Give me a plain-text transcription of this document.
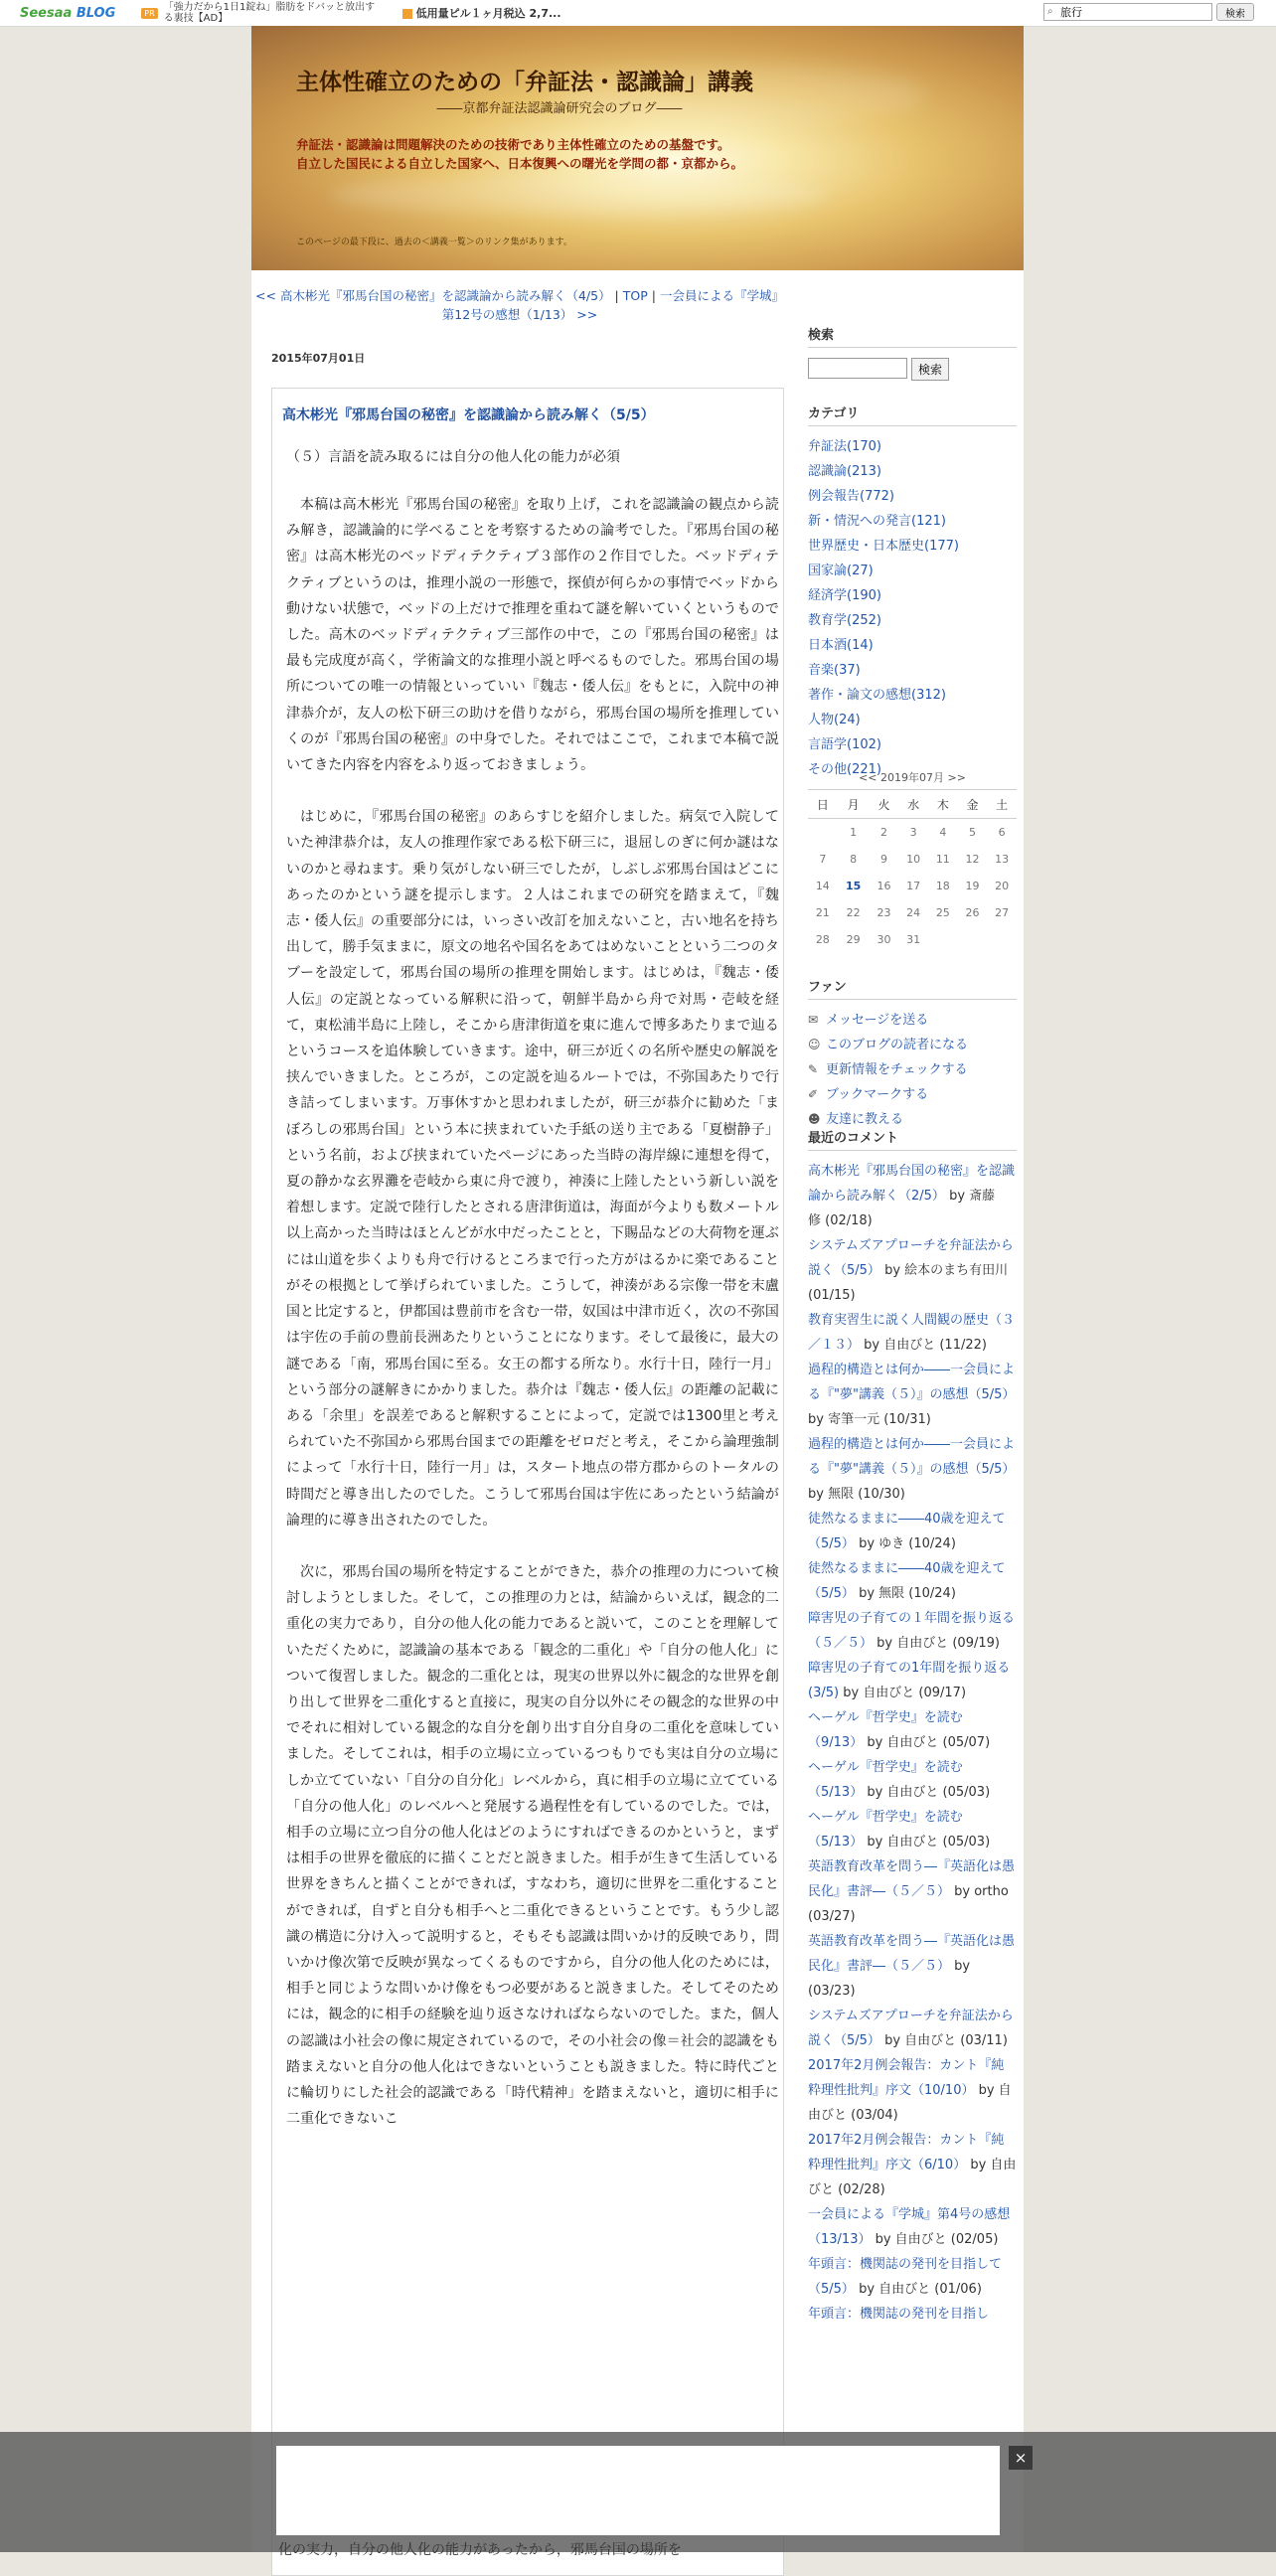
Seesaa BLOG	PR 「強力だから1日1錠ね」脂肪をドバッと放出する裏技【AD】	低用量ピル１ヶ月税込 2,7...	⌕
旅行	検索
主体性確立のための「弁証法・認識論」講義
――京都弁証法認識論研究会のブログ――
弁証法・認識論は問題解決のための技術であり主体性確立のための基盤です。
自立した国民による自立した国家へ、日本復興への曙光を学問の都・京都から。
このページの最下段に、過去の＜講義一覧＞のリンク集があります。
<< 高木彬光『邪馬台国の秘密』を認識論から読み解く（4/5） | TOP | 一会員による『学城』第12号の感想（1/13） >>
2015年07月01日
高木彬光『邪馬台国の秘密』を認識論から読み解く（5/5）
（５）言語を読み取るには自分の他人化の能力が必須

本稿は高木彬光『邪馬台国の秘密』を取り上げ，これを認識論の観点から読み解き，認識論的に学べることを考察するための論考でした。『邪馬台国の秘密』は高木彬光のベッドディテクティブ３部作の２作目でした。ベッドディテクティブというのは，推理小説の一形態で，探偵が何らかの事情でベッドから動けない状態で，ベッドの上だけで推理を重ねて謎を解いていくというものでした。高木のベッドディテクティブ三部作の中で，この『邪馬台国の秘密』は最も完成度が高く，学術論文的な推理小説と呼べるものでした。邪馬台国の場所についての唯一の情報といっていい『魏志・倭人伝』をもとに，入院中の神津恭介が，友人の松下研三の助けを借りながら，邪馬台国の場所を推理していくのが『邪馬台国の秘密』の中身でした。それではここで，これまで本稿で説いてきた内容を内容をふり返っておきましょう。

はじめに，『邪馬台国の秘密』のあらすじを紹介しました。病気で入院していた神津恭介は，友人の推理作家である松下研三に，退屈しのぎに何か謎はないのかと尋ねます。乗り気がしない研三でしたが，しぶしぶ邪馬台国はどこにあったのかという謎を提示します。２人はこれまでの研究を踏まえて，『魏志・倭人伝』の重要部分には，いっさい改訂を加えないこと，古い地名を持ち出して，勝手気ままに，原文の地名や国名をあてはめないことという二つのタブーを設定して，邪馬台国の場所の推理を開始します。はじめは，『魏志・倭人伝』の定説となっている解釈に沿って，朝鮮半島から舟で対馬・壱岐を経て，東松浦半島に上陸し，そこから唐津街道を東に進んで博多あたりまで辿るというコースを追体験していきます。途中，研三が近くの名所や歴史の解説を挟んでいきました。ところが，この定説を辿るルートでは，不弥国あたりで行き詰ってしまいます。万事休すかと思われましたが，研三が恭介に勧めた「まぼろしの邪馬台国」という本に挟まれていた手紙の送り主である「夏樹静子」という名前，および挟まれていたページにあった当時の海岸線に連想を得て，夏の静かな玄界灘を壱岐から東に舟で渡り，神湊に上陸したという新しい説を着想します。定説で陸行したとされる唐津街道は，海面が今よりも数メートル以上高かった当時はほとんどが水中だったことと，下賜品などの大荷物を運ぶには山道を歩くよりも舟で行けるところまで行った方がはるかに楽であることがその根拠として挙げられていました。こうして，神湊がある宗像一帯を末盧国と比定すると，伊都国は豊前市を含む一帯，奴国は中津市近く，次の不弥国は宇佐の手前の豊前長洲あたりということになります。そして最後に，最大の謎である「南，邪馬台国に至る。女王の都する所なり。水行十日，陸行一月」という部分の謎解きにかかりました。恭介は『魏志・倭人伝』の距離の記載にある「余里」を誤差であると解釈することによって，定説では1300里と考えられていた不弥国から邪馬台国までの距離をゼロだと考え，そこから論理強制によって「水行十日，陸行一月」は，スタート地点の帯方郡からのトータルの時間だと導き出したのでした。こうして邪馬台国は宇佐にあったという結論が論理的に導き出されたのでした。

次に，邪馬台国の場所を特定することができた，恭介の推理の力について検討しようとしました。そして，この推理の力とは，結論からいえば，観念的二重化の実力であり，自分の他人化の能力であると説いて，このことを理解していただくために，認識論の基本である「観念的二重化」や「自分の他人化」について復習しました。観念的二重化とは，現実の世界以外に観念的な世界を創り出して世界を二重化すると直接に，現実の自分以外にその観念的な世界の中でそれに相対している観念的な自分を創り出す自分自身の二重化を意味していました。そしてこれは，相手の立場に立っているつもりでも実は自分の立場にしか立てていない「自分の自分化」レベルから，真に相手の立場に立てている「自分の他人化」のレベルへと発展する過程性を有しているのでした。では，相手の立場に立つ自分の他人化はどのようにすればできるのかというと，まずは相手の世界を徹底的に描くことだと説きました。相手が生きて生活している世界をきちんと描くことができれば，すなわち，適切に世界を二重化することができれば，自ずと自分も相手へと二重化できるということです。もう少し認識の構造に分け入って説明すると，そもそも認識は問いかけ的反映であり，問いかけ像次第で反映が異なってくるものですから，自分の他人化のためには，相手と同じような問いかけ像をもつ必要があると説きました。そしてそのためには，観念的に相手の経験を辿り返さなければならないのでした。また，個人の認識は小社会の像に規定されているので，その小社会の像＝社会的認識をも踏まえないと自分の他人化はできないということも説きました。特に時代ごとに輪切りにした社会的認識である「時代精神」を踏まえないと，適切に相手に二重化できないこ

検索
検索
カテゴリ
弁証法(170)
認識論(213)
例会報告(772)
新・情況への発言(121)
世界歴史・日本歴史(177)
国家論(27)
経済学(190)
教育学(252)
日本酒(14)
音楽(37)
著作・論文の感想(312)
人物(24)
言語学(102)
その他(221)
<< 2019年07月 >>
日	月	火	水	木	金	土
	1	2	3	4	5	6
7	8	9	10	11	12	13
14	15	16	17	18	19	20
21	22	23	24	25	26	27
28	29	30	31			
ファン
✉ メッセージを送る
☺ このブログの読者になる
✎ 更新情報をチェックする
✐ ブックマークする
☻ 友達に教える
最近のコメント
高木彬光『邪馬台国の秘密』を認識論から読み解く（2/5） by 斎藤　修 (02/18)
システムズアプローチを弁証法から説く（5/5） by 絵本のまち有田川 (01/15)
教育実習生に説く人間観の歴史（３／１３） by 自由びと (11/22)
過程的構造とは何か――一会員による『"夢"講義（５）』の感想（5/5） by 寄筆一元 (10/31)
過程的構造とは何か――一会員による『"夢"講義（５）』の感想（5/5） by 無限 (10/30)
徒然なるままに――40歳を迎えて（5/5） by ゆき (10/24)
徒然なるままに――40歳を迎えて（5/5） by 無限 (10/24)
障害児の子育ての１年間を振り返る（５／５） by 自由びと (09/19)
障害児の子育ての1年間を振り返る(3/5) by 自由びと (09/17)
ヘーゲル『哲学史』を読む（9/13） by 自由びと (05/07)
ヘーゲル『哲学史』を読む（5/13） by 自由びと (05/03)
ヘーゲル『哲学史』を読む（5/13） by 自由びと (05/03)
英語教育改革を問う―『英語化は愚民化』書評―（５／５） by ortho (03/27)
英語教育改革を問う―『英語化は愚民化』書評―（５／５） by (03/23)
システムズアプローチを弁証法から説く（5/5） by 自由びと (03/11)
2017年2月例会報告：カント『純粋理性批判』序文（10/10） by 自由びと (03/04)
2017年2月例会報告：カント『純粋理性批判』序文（6/10） by 自由びと (02/28)
一会員による『学城』第4号の感想（13/13） by 自由びと (02/05)
年頭言：機関誌の発刊を目指して（5/5） by 自由びと (01/06)
年頭言：機関誌の発刊を目指し
×
化の実力，自分の他人化の能力があったから，邪馬台国の場所を
